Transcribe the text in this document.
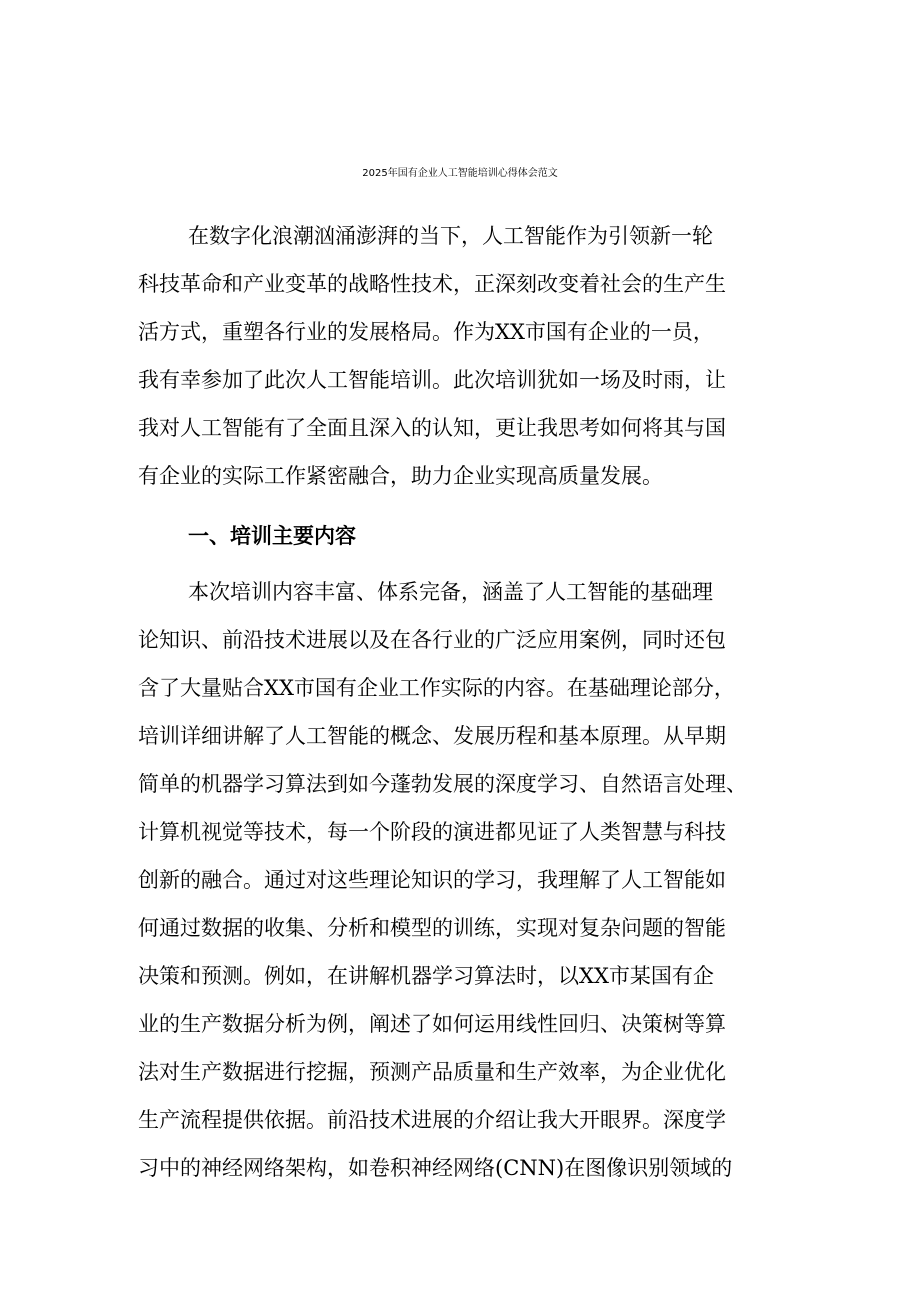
2025年国有企业人工智能培训心得体会范文
在数字化浪潮汹涌澎湃的当下，人工智能作为引领新一轮
科技革命和产业变革的战略性技术，正深刻改变着社会的生产生
活方式，重塑各行业的发展格局。作为XX市国有企业的一员，
我有幸参加了此次人工智能培训。此次培训犹如一场及时雨，让
我对人工智能有了全面且深入的认知，更让我思考如何将其与国
有企业的实际工作紧密融合，助力企业实现高质量发展。
一、培训主要内容
本次培训内容丰富、体系完备，涵盖了人工智能的基础理
论知识、前沿技术进展以及在各行业的广泛应用案例，同时还包
含了大量贴合XX市国有企业工作实际的内容。在基础理论部分，
培训详细讲解了人工智能的概念、发展历程和基本原理。从早期
简单的机器学习算法到如今蓬勃发展的深度学习、自然语言处理、
计算机视觉等技术，每一个阶段的演进都见证了人类智慧与科技
创新的融合。通过对这些理论知识的学习，我理解了人工智能如
何通过数据的收集、分析和模型的训练，实现对复杂问题的智能
决策和预测。例如，在讲解机器学习算法时，以XX市某国有企
业的生产数据分析为例，阐述了如何运用线性回归、决策树等算
法对生产数据进行挖掘，预测产品质量和生产效率，为企业优化
生产流程提供依据。前沿技术进展的介绍让我大开眼界。深度学
习中的神经网络架构，如卷积神经网络(CNN)在图像识别领域的
